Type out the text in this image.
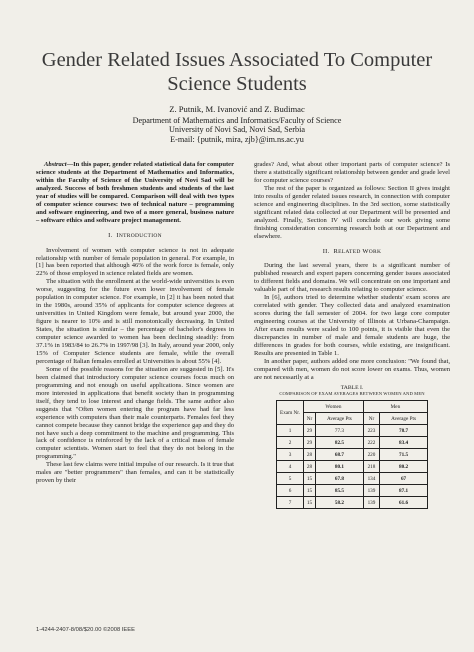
Gender Related Issues Associated To Computer Science Students
Z. Putnik, M. Ivanović and Z. Budimac
Department of Mathematics and Informatics/Faculty of Science
University of Novi Sad, Novi Sad, Serbia
E-mail: {putnik, mira, zjb}@im.ns.ac.yu

Abstract—In this paper, gender related statistical data for computer science students at the Department of Mathematics and Informatics, within the Faculty of Science of the University of Novi Sad will be analyzed. Success of both freshmen students and students of the last year of studies will be compared. Comparison will deal with two types of computer science courses: two of technical nature – programming and software engineering, and two of a more general, business nature – software ethics and software project management.

I. INTRODUCTION

Involvement of women with computer science is not in adequate relationship with number of female population in general. For example, in [1] has been reported that although 46% of the work force is female, only 22% of those employed in science related fields are women.

The situation with the enrollment at the world-wide universities is even worse, suggesting for the future even lower involvement of female population in computer science. For example, in [2] it has been noted that in the 1980s, around 35% of applicants for computer science degrees at universities in United Kingdom were female, but around year 2000, the figure is nearer to 10% and is still monotonically decreasing. In United States, the situation is similar – the percentage of bachelor's degrees in computer science awarded to women has been declining steadily: from 37.1% in 1983/84 to 26.7% in 1997/98 [3]. In Italy, around year 2000, only 15% of Computer Science students are female, while the overall percentage of Italian females enrolled at Universities is about 55% [4].

Some of the possible reasons for the situation are suggested in [5]. It's been claimed that introductory computer science courses focus much on programming and not enough on useful applications. Since women are more interested in applications that benefit society than in programming itself, they tend to lose interest and change fields. The same author also suggests that "Often women entering the program have had far less experience with computers than their male counterparts. Females feel they cannot compete because they cannot bridge the experience gap and they do not have such a deep commitment to the machine and programming. This lack of confidence is reinforced by the lack of a critical mass of female computer scientists. Women start to feel that they do not belong in the programming."

These last few claims were initial impulse of our research. Is it true that males are "better programmers" than females, and can it be statistically proven by their

grades? And, what about other important parts of computer science? Is there a statistically significant relationship between gender and grade level for computer science courses?

The rest of the paper is organized as follows: Section II gives insight into results of gender related issues research, in connection with computer science and engineering disciplines. In the 3rd section, some statistically significant related data collected at our Department will be presented and analyzed. Finally, Section IV will conclude our work giving some finishing consideration concerning research both at our Department and elsewhere.

II. RELATED WORK

During the last several years, there is a significant number of published research and expert papers concerning gender issues associated to different fields and domains. We will concentrate on one important and valuable part of that, research results relating to computer science.

In [6], authors tried to determine whether students' exam scores are correlated with gender. They collected data and analyzed examination scores during the fall semester of 2004. for two large core computer engineering courses at the University of Illinois at Urbana-Champaign. After exam results were scaled to 100 points, it is visible that even the discrepancies in number of male and female students are huge, the differences in grades for both courses, while existing, are insignificant. Results are presented in Table 1.

In another paper, authors added one more conclusion: "We found that, compared with men, women do not score lower on exams. Thus, women are not necessarily at a

TABLE I.
COMPARISON OF EXAM AVERAGES BETWEEN WOMEN AND MEN
Exam Nr.	Women		Men	
	Nr	Average Pts	Nr	Average Pts
1	29	77.3	223	78.7
2	29	82.5	222	83.4
3	28	68.7	220	71.5
4	28	80.1	218	80.2
5	15	67.8	134	67
6	15	85.5	139	87.1
7	15	58.2	139	61.6
1-4244-2407-8/08/$20.00 ©2008 IEEE
